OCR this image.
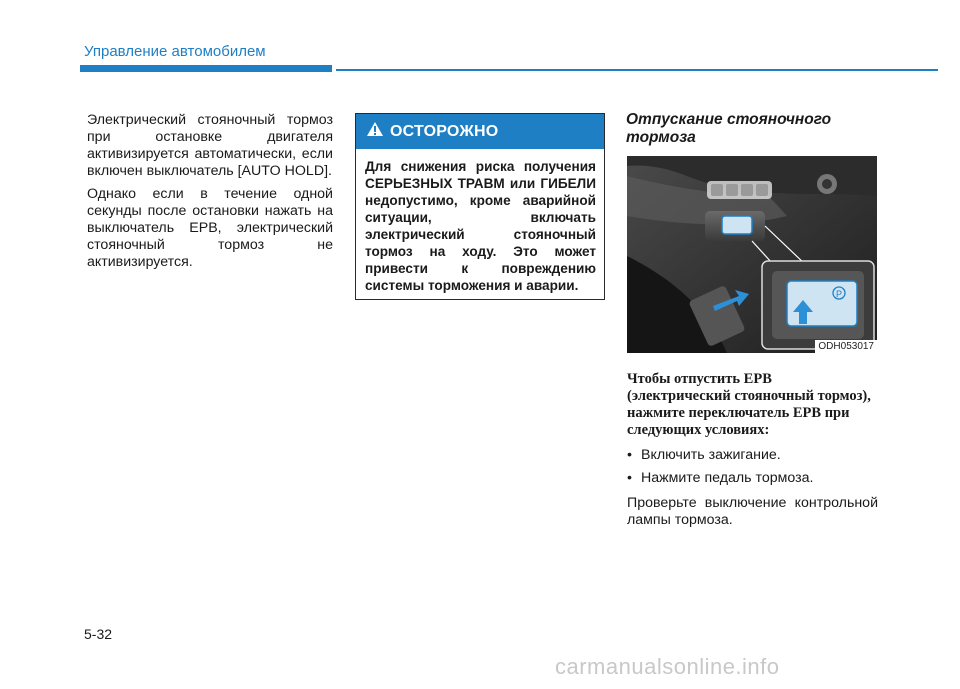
Управление автомобилем

Электрический стояночный тормоз при остановке двигателя активизируется автоматически, если включен выключатель [AUTO HOLD].

Однако если в течение одной секунды после остановки нажать на выключатель EPB, электрический стояночный тормоз не активизируется.

ОСТОРОЖНО
Для снижения риска получения СЕРЬЕЗНЫХ ТРАВМ или ГИБЕЛИ недопустимо, кроме аварийной ситуации, включать электрический стояночный тормоз на ходу. Это может привести к повреждению системы торможения и аварии.

Отпускание стояночного тормоза

P
ODH053017

Чтобы отпустить EPB (электрический стояночный тормоз), нажмите переключатель EPB при следующих условиях:

• Включить зажигание.
• Нажмите педаль тормоза.

Проверьте выключение контрольной лампы тормоза.

5-32
carmanualsonline.info
